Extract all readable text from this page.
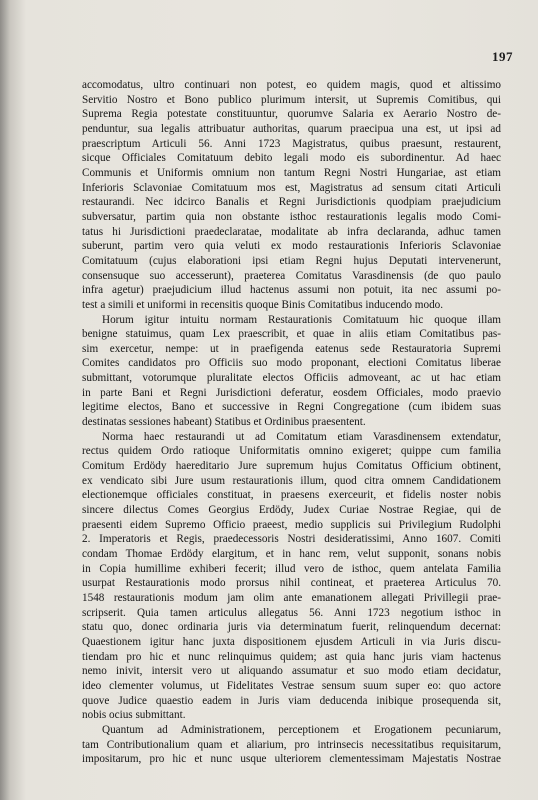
197
accomodatus, ultro continuari non potest, eo quidem magis, quod et altissimo
Servitio Nostro et Bono publico plurimum intersit, ut Supremis Comitibus, qui
Suprema Regia potestate constituuntur, quorumve Salaria ex Aerario Nostro de-
penduntur, sua legalis attribuatur authoritas, quarum praecipua una est, ut ipsi ad
praescriptum Articuli 56. Anni 1723 Magistratus, quibus praesunt, restaurent,
sicque Officiales Comitatuum debito legali modo eis subordinentur. Ad haec
Communis et Uniformis omnium non tantum Regni Nostri Hungariae, ast etiam
Inferioris Sclavoniae Comitatuum mos est, Magistratus ad sensum citati Articuli
restaurandi. Nec idcirco Banalis et Regni Jurisdictionis quodpiam praejudicium
subversatur, partim quia non obstante isthoc restaurationis legalis modo Comi-
tatus hi Jurisdictioni praedeclaratae, modalitate ab infra declaranda, adhuc tamen
suberunt, partim vero quia veluti ex modo restaurationis Inferioris Sclavoniae
Comitatuum (cujus elaborationi ipsi etiam Regni hujus Deputati intervenerunt,
consensuque suo accesserunt), praeterea Comitatus Varasdinensis (de quo paulo
infra agetur) praejudicium illud hactenus assumi non potuit, ita nec assumi po-
test a simili et uniformi in recensitis quoque Binis Comitatibus inducendo modo.
Horum igitur intuitu normam Restaurationis Comitatuum hic quoque illam
benigne statuimus, quam Lex praescribit, et quae in aliis etiam Comitatibus pas-
sim exercetur, nempe: ut in praefigenda eatenus sede Restauratoria Supremi
Comites candidatos pro Officiis suo modo proponant, electioni Comitatus liberae
submittant, votorumque pluralitate electos Officiis admoveant, ac ut hac etiam
in parte Bani et Regni Jurisdictioni deferatur, eosdem Officiales, modo praevio
legitime electos, Bano et successive in Regni Congregatione (cum ibidem suas
destinatas sessiones habeant) Statibus et Ordinibus praesentent.
Norma haec restaurandi ut ad Comitatum etiam Varasdinensem extendatur,
rectus quidem Ordo ratioque Uniformitatis omnino exigeret; quippe cum familia
Comitum Erdödy haereditario Jure supremum hujus Comitatus Officium obtinent,
ex vendicato sibi Jure usum restaurationis illum, quod citra omnem Candidationem
electionemque officiales constituat, in praesens exerceurit, et fidelis noster nobis
sincere dilectus Comes Georgius Erdödy, Judex Curiae Nostrae Regiae, qui de
praesenti eidem Supremo Officio praeest, medio supplicis sui Privilegium Rudolphi
2. Imperatoris et Regis, praedecessoris Nostri desideratissimi, Anno 1607. Comiti
condam Thomae Erdödy elargitum, et in hanc rem, velut supponit, sonans nobis
in Copia humillime exhiberi fecerit; illud vero de isthoc, quem antelata Familia
usurpat Restaurationis modo prorsus nihil contineat, et praeterea Articulus 70.
1548 restaurationis modum jam olim ante emanationem allegati Privillegii prae-
scripserit. Quia tamen articulus allegatus 56. Anni 1723 negotium isthoc in
statu quo, donec ordinaria juris via determinatum fuerit, relinquendum decernat:
Quaestionem igitur hanc juxta dispositionem ejusdem Articuli in via Juris discu-
tiendam pro hic et nunc relinquimus quidem; ast quia hanc juris viam hactenus
nemo inivit, intersit vero ut aliquando assumatur et suo modo etiam decidatur,
ideo clementer volumus, ut Fidelitates Vestrae sensum suum super eo: quo actore
quove Judice quaestio eadem in Juris viam deducenda inibique prosequenda sit,
nobis ocius submittant.
Quantum ad Administrationem, perceptionem et Erogationem pecuniarum,
tam Contributionalium quam et aliarium, pro intrinsecis necessitatibus requisitarum,
impositarum, pro hic et nunc usque ulteriorem clementessimam Majestatis Nostrae
